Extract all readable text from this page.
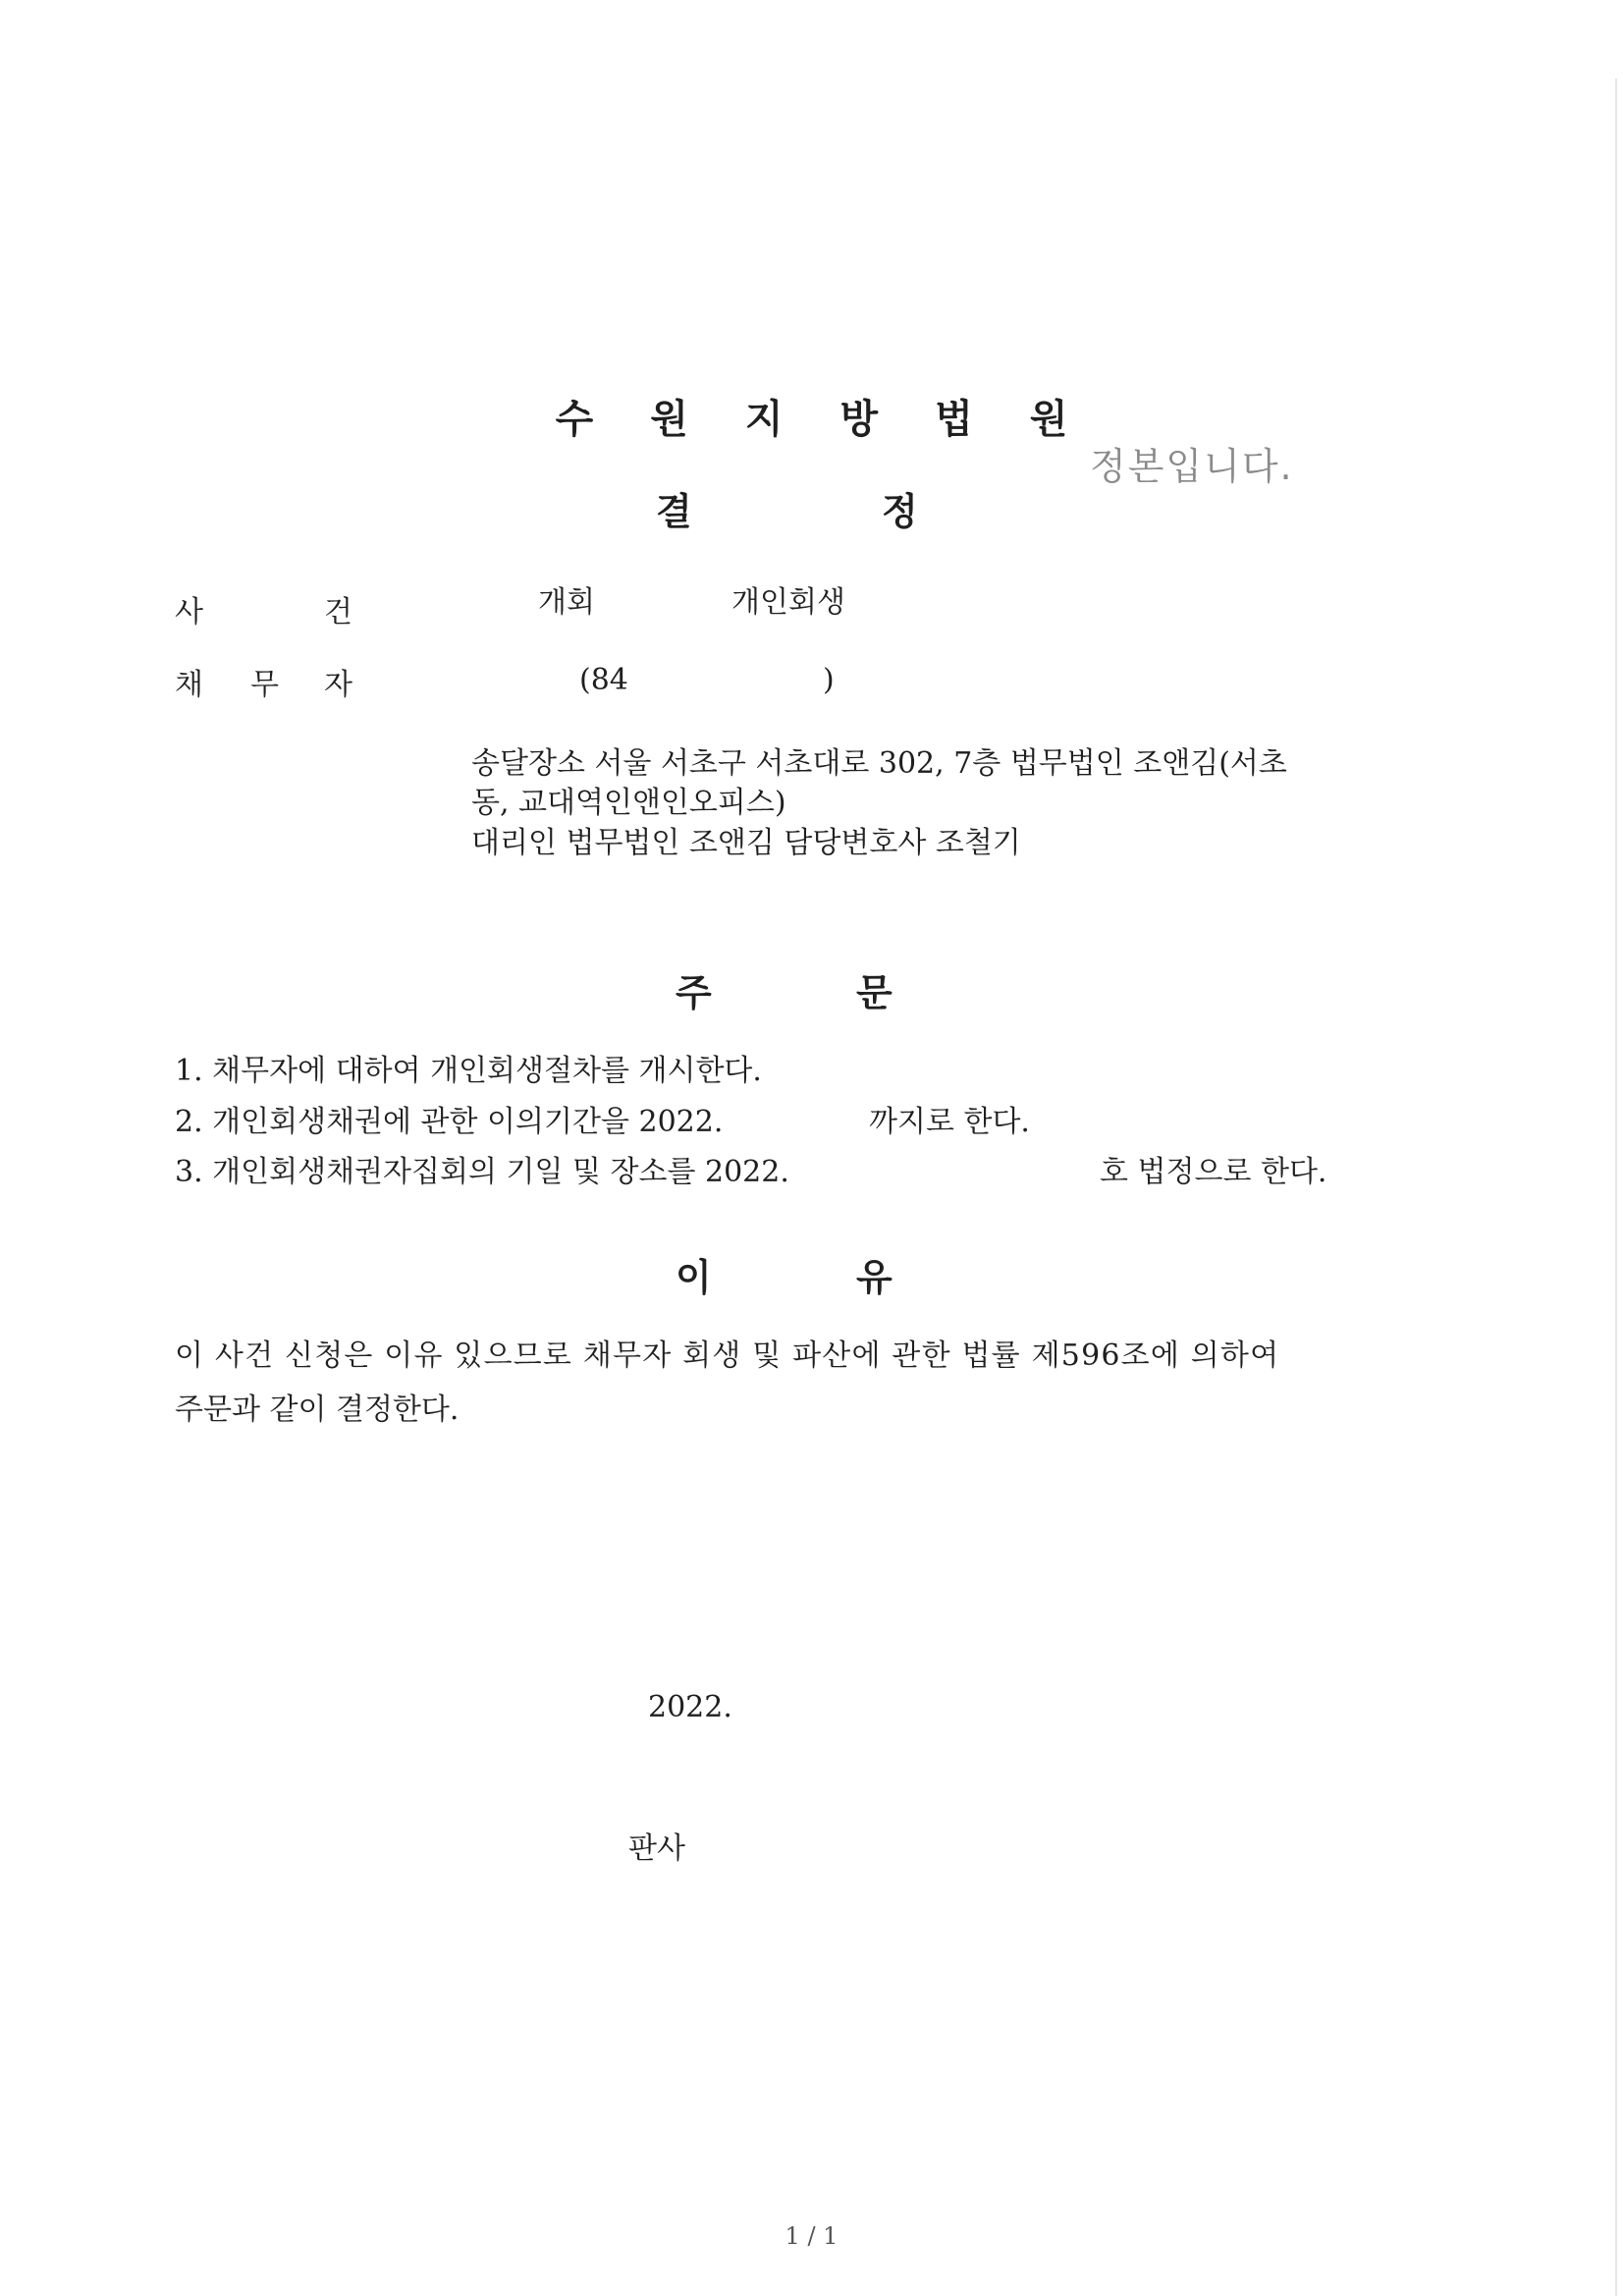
수원지방법원
정본입니다.
결	정
사	건	개회	개인회생
채 무 자	(84	)
송달장소 서울 서초구 서초대로 302, 7층 법무법인 조앤김(서초
동, 교대역인앤인오피스)
대리인 법무법인 조앤김 담당변호사 조철기
주	문
1. 채무자에 대하여 개인회생절차를 개시한다.
2. 개인회생채권에 관한 이의기간을 2022.	까지로 한다.
3. 개인회생채권자집회의 기일 및 장소를 2022.	호 법정으로 한다.
이	유
이 사건 신청은 이유 있으므로 채무자 회생 및 파산에 관한 법률 제596조에 의하여
주문과 같이 결정한다.
2022.
판사
1 / 1
